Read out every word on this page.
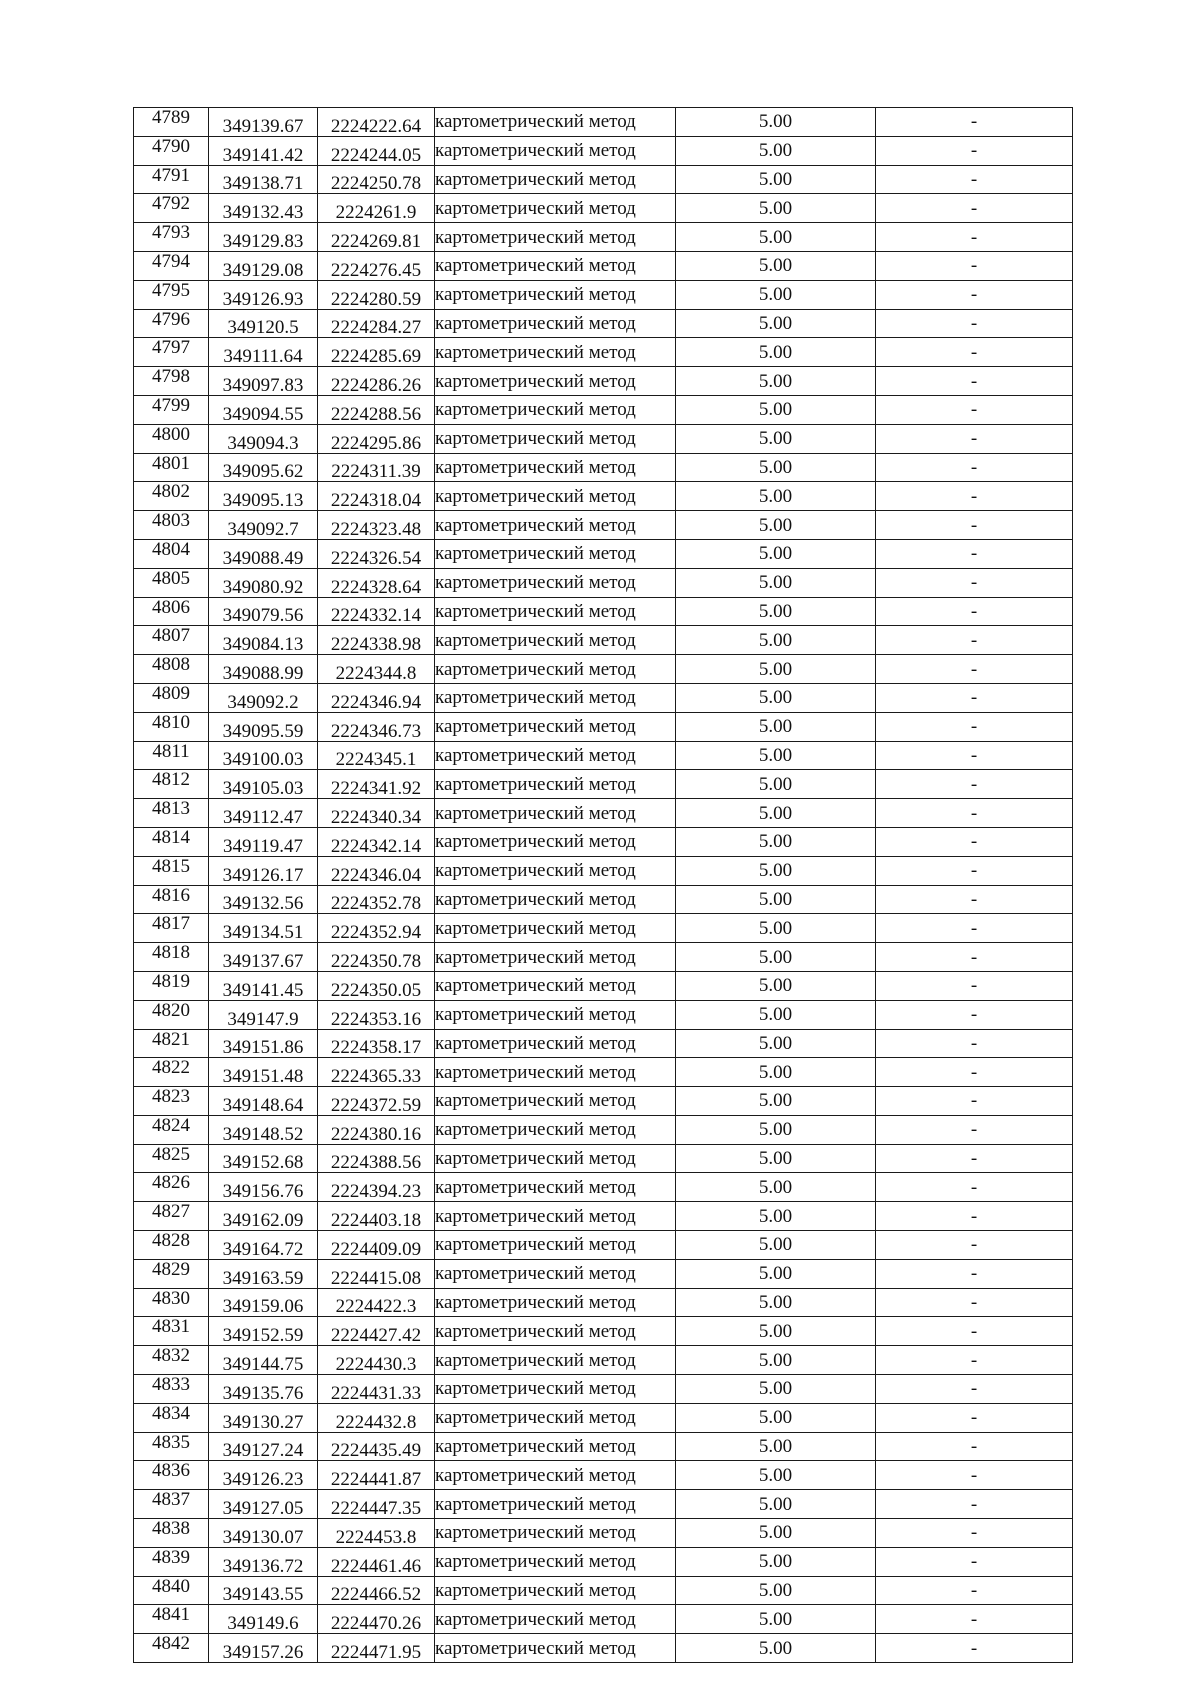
4789	349139.67	2224222.64	картометрический метод	5.00	-
4790	349141.42	2224244.05	картометрический метод	5.00	-
4791	349138.71	2224250.78	картометрический метод	5.00	-
4792	349132.43	2224261.9	картометрический метод	5.00	-
4793	349129.83	2224269.81	картометрический метод	5.00	-
4794	349129.08	2224276.45	картометрический метод	5.00	-
4795	349126.93	2224280.59	картометрический метод	5.00	-
4796	349120.5	2224284.27	картометрический метод	5.00	-
4797	349111.64	2224285.69	картометрический метод	5.00	-
4798	349097.83	2224286.26	картометрический метод	5.00	-
4799	349094.55	2224288.56	картометрический метод	5.00	-
4800	349094.3	2224295.86	картометрический метод	5.00	-
4801	349095.62	2224311.39	картометрический метод	5.00	-
4802	349095.13	2224318.04	картометрический метод	5.00	-
4803	349092.7	2224323.48	картометрический метод	5.00	-
4804	349088.49	2224326.54	картометрический метод	5.00	-
4805	349080.92	2224328.64	картометрический метод	5.00	-
4806	349079.56	2224332.14	картометрический метод	5.00	-
4807	349084.13	2224338.98	картометрический метод	5.00	-
4808	349088.99	2224344.8	картометрический метод	5.00	-
4809	349092.2	2224346.94	картометрический метод	5.00	-
4810	349095.59	2224346.73	картометрический метод	5.00	-
4811	349100.03	2224345.1	картометрический метод	5.00	-
4812	349105.03	2224341.92	картометрический метод	5.00	-
4813	349112.47	2224340.34	картометрический метод	5.00	-
4814	349119.47	2224342.14	картометрический метод	5.00	-
4815	349126.17	2224346.04	картометрический метод	5.00	-
4816	349132.56	2224352.78	картометрический метод	5.00	-
4817	349134.51	2224352.94	картометрический метод	5.00	-
4818	349137.67	2224350.78	картометрический метод	5.00	-
4819	349141.45	2224350.05	картометрический метод	5.00	-
4820	349147.9	2224353.16	картометрический метод	5.00	-
4821	349151.86	2224358.17	картометрический метод	5.00	-
4822	349151.48	2224365.33	картометрический метод	5.00	-
4823	349148.64	2224372.59	картометрический метод	5.00	-
4824	349148.52	2224380.16	картометрический метод	5.00	-
4825	349152.68	2224388.56	картометрический метод	5.00	-
4826	349156.76	2224394.23	картометрический метод	5.00	-
4827	349162.09	2224403.18	картометрический метод	5.00	-
4828	349164.72	2224409.09	картометрический метод	5.00	-
4829	349163.59	2224415.08	картометрический метод	5.00	-
4830	349159.06	2224422.3	картометрический метод	5.00	-
4831	349152.59	2224427.42	картометрический метод	5.00	-
4832	349144.75	2224430.3	картометрический метод	5.00	-
4833	349135.76	2224431.33	картометрический метод	5.00	-
4834	349130.27	2224432.8	картометрический метод	5.00	-
4835	349127.24	2224435.49	картометрический метод	5.00	-
4836	349126.23	2224441.87	картометрический метод	5.00	-
4837	349127.05	2224447.35	картометрический метод	5.00	-
4838	349130.07	2224453.8	картометрический метод	5.00	-
4839	349136.72	2224461.46	картометрический метод	5.00	-
4840	349143.55	2224466.52	картометрический метод	5.00	-
4841	349149.6	2224470.26	картометрический метод	5.00	-
4842	349157.26	2224471.95	картометрический метод	5.00	-
